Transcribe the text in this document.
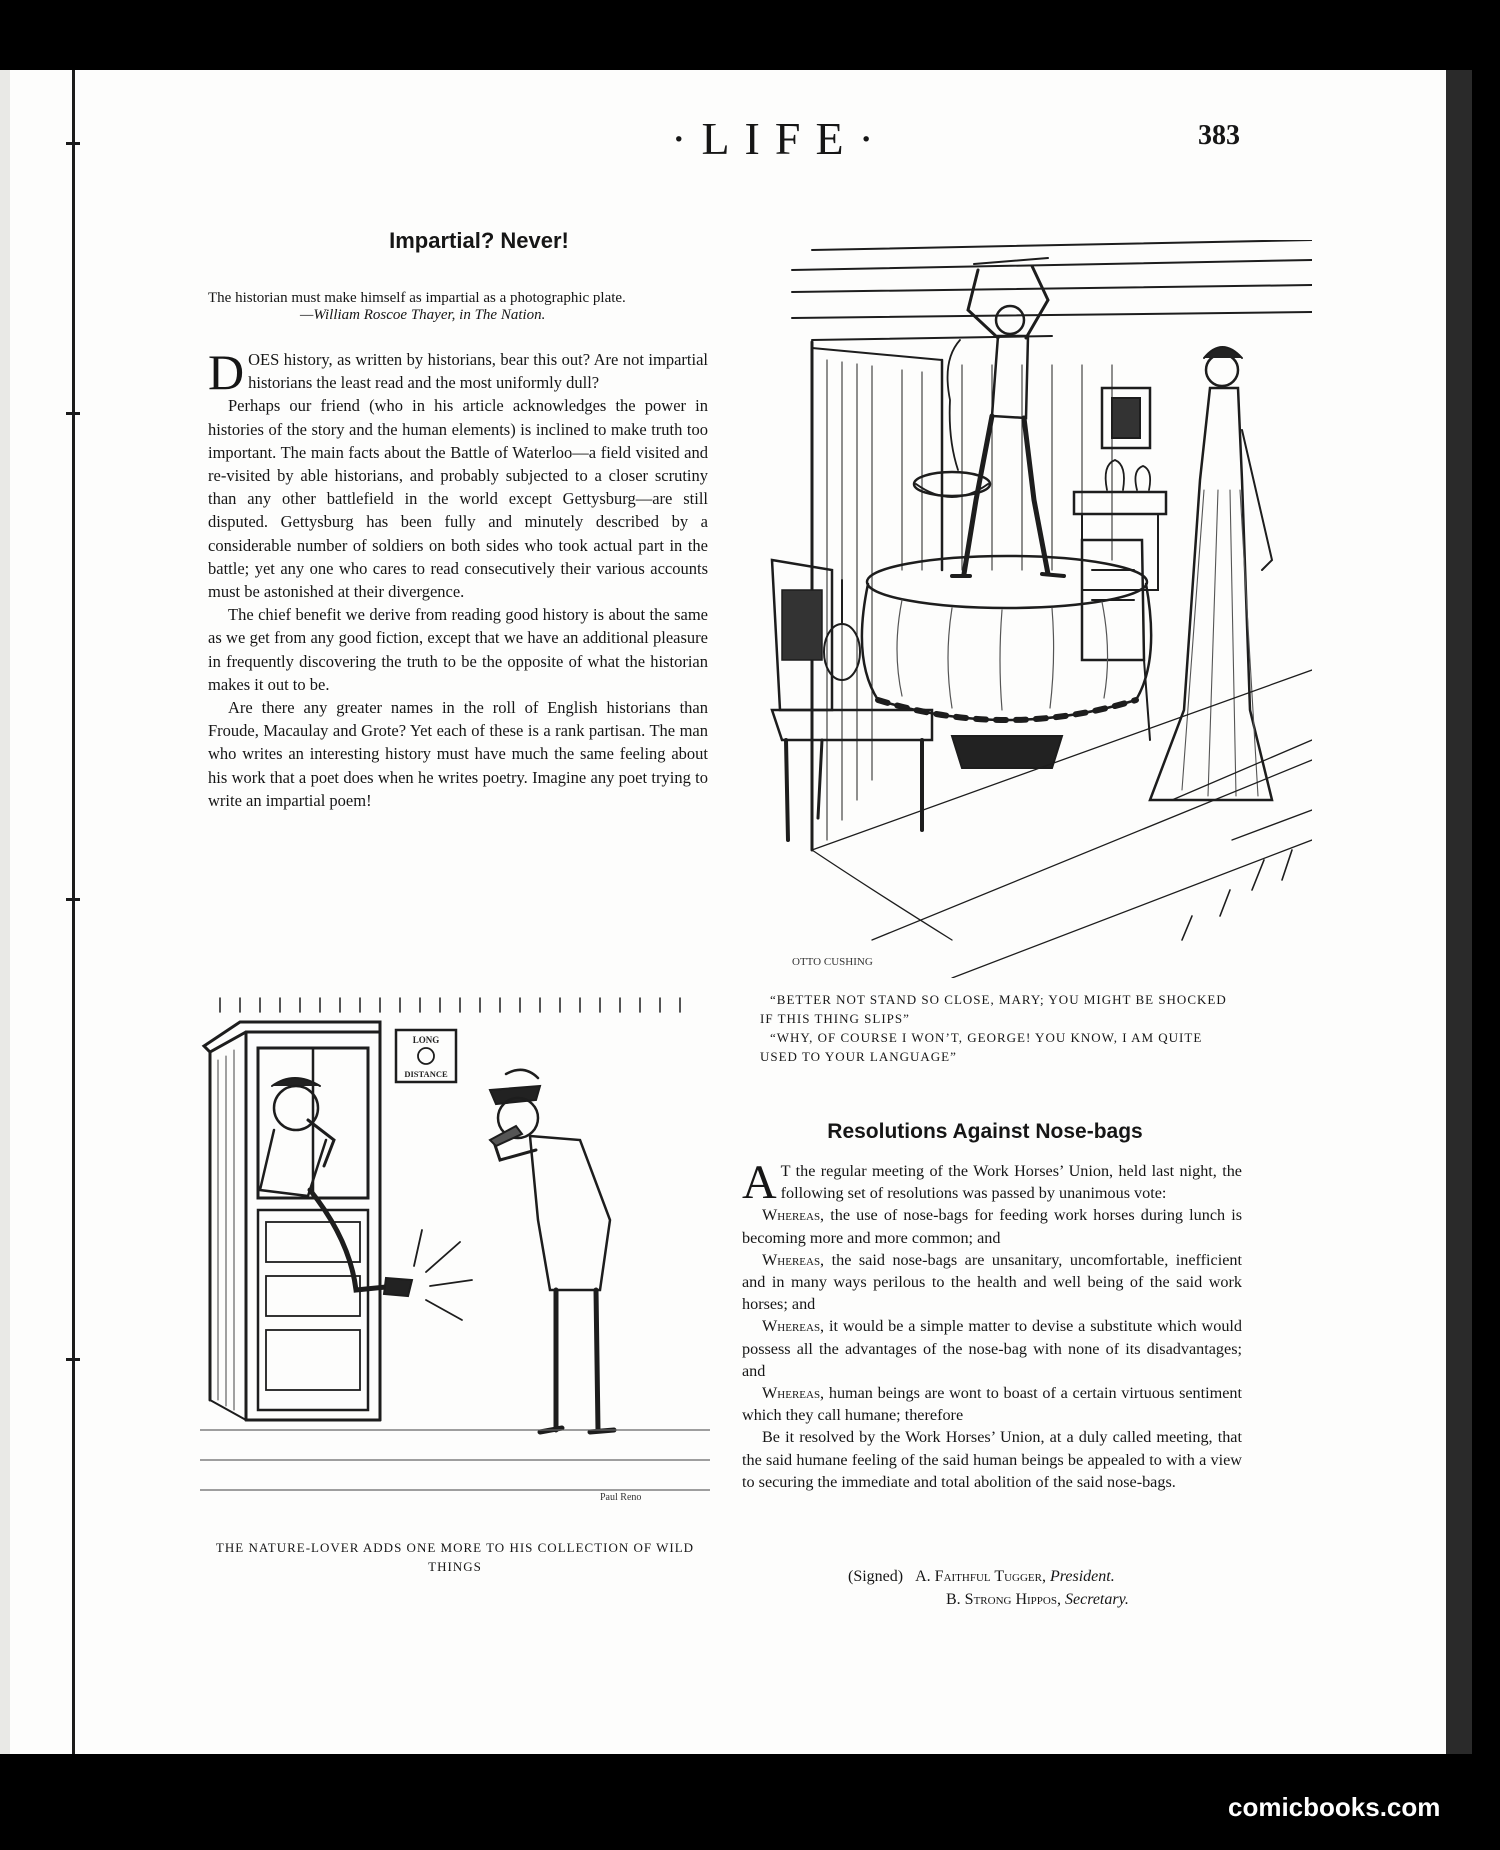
·LIFE·	383
Impartial? Never!

The historian must make himself as impartial as a photographic plate.

—William Roscoe Thayer, in The Nation.

DOES history, as written by historians, bear this out? Are not impartial historians the least read and the most uniformly dull?

Perhaps our friend (who in his article acknowledges the power in histories of the story and the human elements) is inclined to make truth too important. The main facts about the Battle of Waterloo—a field visited and re-visited by able historians, and probably subjected to a closer scrutiny than any other battlefield in the world except Gettysburg—are still disputed. Gettysburg has been fully and minutely described by a considerable number of soldiers on both sides who took actual part in the battle; yet any one who cares to read consecutively their various accounts must be astonished at their divergence.

The chief benefit we derive from reading good history is about the same as we get from any good fiction, except that we have an additional pleasure in frequently discovering the truth to be the opposite of what the historian makes it out to be.

Are there any greater names in the roll of English historians than Froude, Macaulay and Grote? Yet each of these is a rank partisan. The man who writes an interesting history must have much the same feeling about his work that a poet does when he writes poetry. Imagine any poet trying to write an impartial poem!

OTTO CUSHING

“BETTER NOT STAND SO CLOSE, MARY; YOU MIGHT BE SHOCKED IF THIS THING SLIPS”

“WHY, OF COURSE I WON’T, GEORGE! YOU KNOW, I AM QUITE USED TO YOUR LANGUAGE”

LONG
DISTANCE
Paul Reno
THE NATURE-LOVER ADDS ONE MORE TO HIS COLLECTION OF WILD THINGS
Resolutions Against Nose-bags

A T the regular meeting of the Work Horses’ Union, held last night, the following set of resolutions was passed by unanimous vote:

Whereas, the use of nose-bags for feeding work horses during lunch is becoming more and more common; and

Whereas, the said nose-bags are unsanitary, uncomfortable, inefficient and in many ways perilous to the health and well being of the said work horses; and

Whereas, it would be a simple matter to devise a substitute which would possess all the advantages of the nose-bag with none of its disadvantages; and

Whereas, human beings are wont to boast of a certain virtuous sentiment which they call humane; therefore

Be it resolved by the Work Horses’ Union, at a duly called meeting, that the said humane feeling of the said human beings be appealed to with a view to securing the immediate and total abolition of the said nose-bags.

(Signed) A. Faithful Tugger, President.
B. Strong Hippos, Secretary.
comicbooks.com
